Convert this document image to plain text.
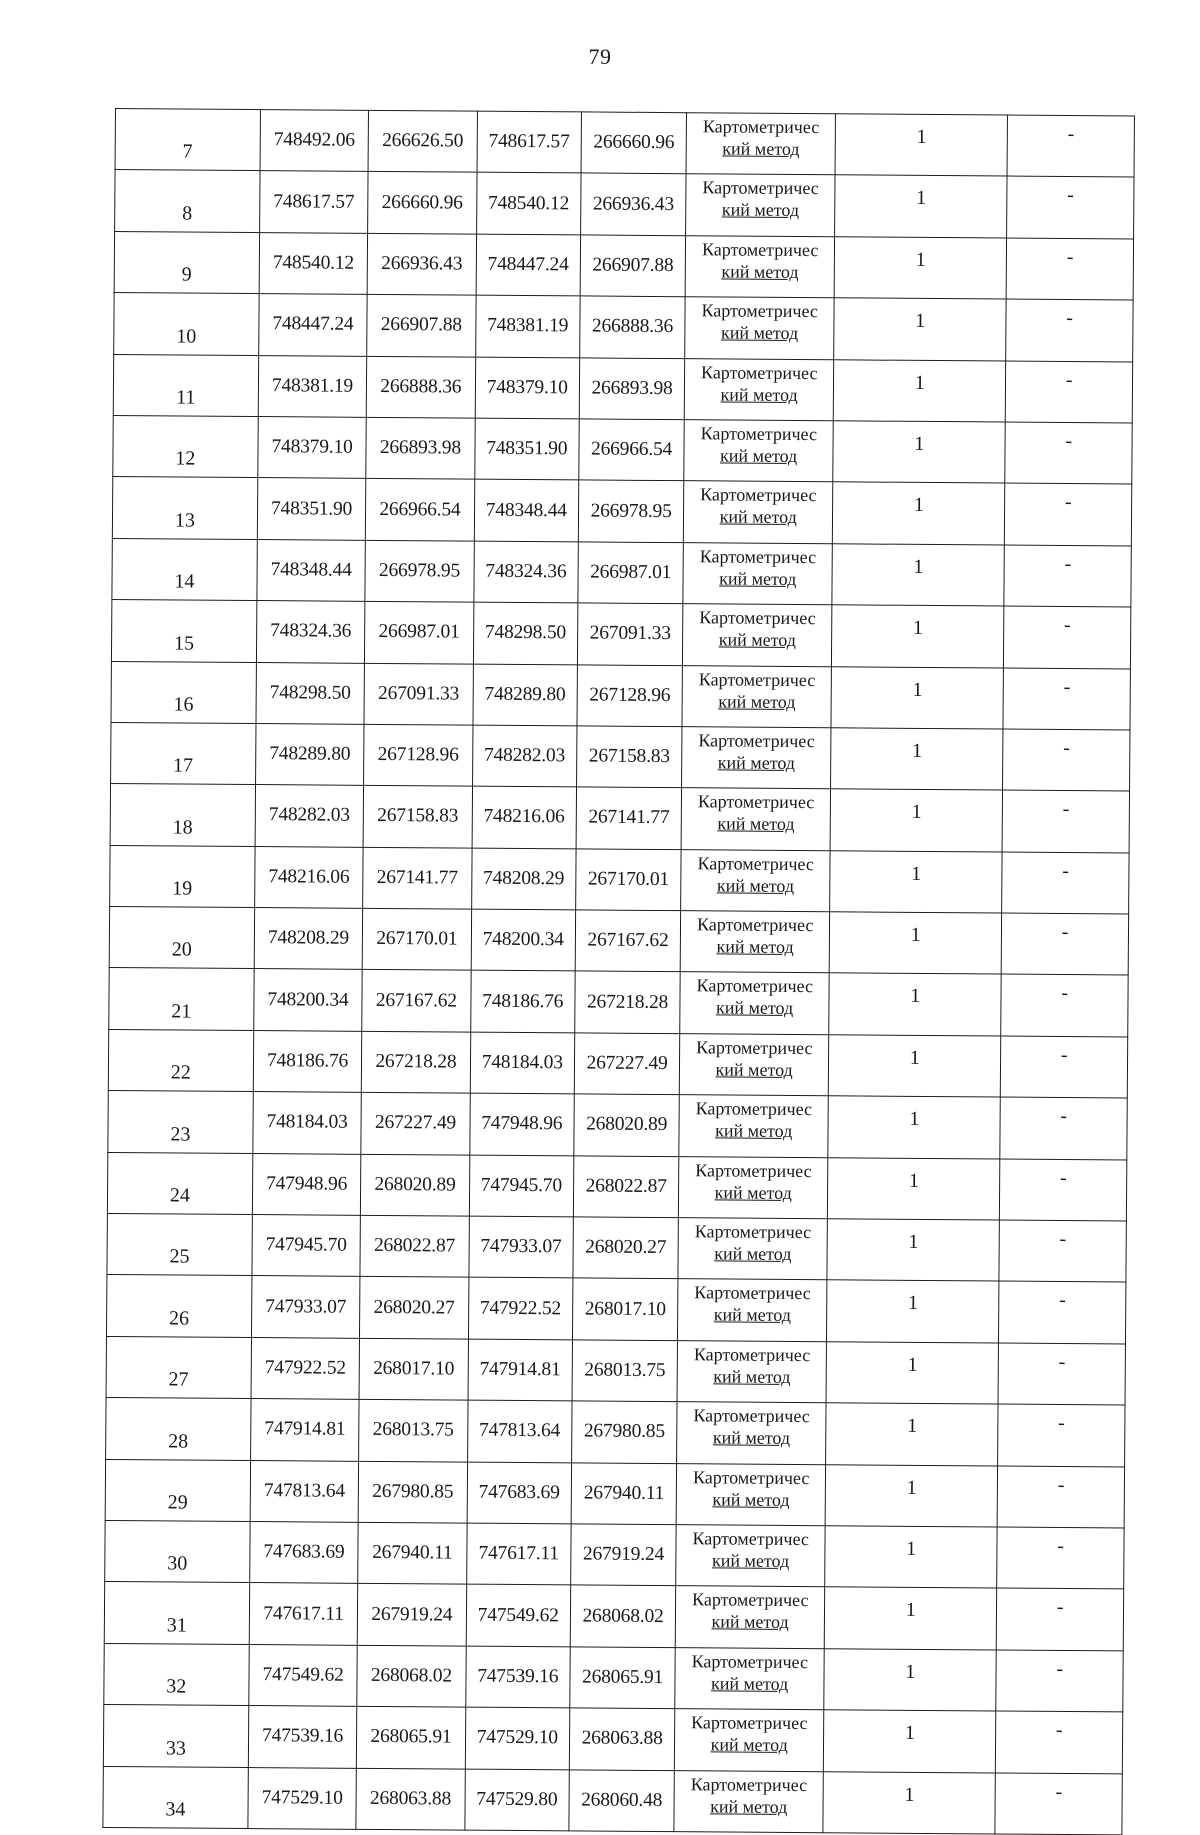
79
7	748492.06	266626.50	748617.57	266660.96	Картометричес
кий метод	1	-
8	748617.57	266660.96	748540.12	266936.43	Картометричес
кий метод	1	-
9	748540.12	266936.43	748447.24	266907.88	Картометричес
кий метод	1	-
10	748447.24	266907.88	748381.19	266888.36	Картометричес
кий метод	1	-
11	748381.19	266888.36	748379.10	266893.98	Картометричес
кий метод	1	-
12	748379.10	266893.98	748351.90	266966.54	Картометричес
кий метод	1	-
13	748351.90	266966.54	748348.44	266978.95	Картометричес
кий метод	1	-
14	748348.44	266978.95	748324.36	266987.01	Картометричес
кий метод	1	-
15	748324.36	266987.01	748298.50	267091.33	Картометричес
кий метод	1	-
16	748298.50	267091.33	748289.80	267128.96	Картометричес
кий метод	1	-
17	748289.80	267128.96	748282.03	267158.83	Картометричес
кий метод	1	-
18	748282.03	267158.83	748216.06	267141.77	Картометричес
кий метод	1	-
19	748216.06	267141.77	748208.29	267170.01	Картометричес
кий метод	1	-
20	748208.29	267170.01	748200.34	267167.62	Картометричес
кий метод	1	-
21	748200.34	267167.62	748186.76	267218.28	Картометричес
кий метод	1	-
22	748186.76	267218.28	748184.03	267227.49	Картометричес
кий метод	1	-
23	748184.03	267227.49	747948.96	268020.89	Картометричес
кий метод	1	-
24	747948.96	268020.89	747945.70	268022.87	Картометричес
кий метод	1	-
25	747945.70	268022.87	747933.07	268020.27	Картометричес
кий метод	1	-
26	747933.07	268020.27	747922.52	268017.10	Картометричес
кий метод	1	-
27	747922.52	268017.10	747914.81	268013.75	Картометричес
кий метод	1	-
28	747914.81	268013.75	747813.64	267980.85	Картометричес
кий метод	1	-
29	747813.64	267980.85	747683.69	267940.11	Картометричес
кий метод	1	-
30	747683.69	267940.11	747617.11	267919.24	Картометричес
кий метод	1	-
31	747617.11	267919.24	747549.62	268068.02	Картометричес
кий метод	1	-
32	747549.62	268068.02	747539.16	268065.91	Картометричес
кий метод	1	-
33	747539.16	268065.91	747529.10	268063.88	Картометричес
кий метод	1	-
34	747529.10	268063.88	747529.80	268060.48	Картометричес
кий метод	1	-
